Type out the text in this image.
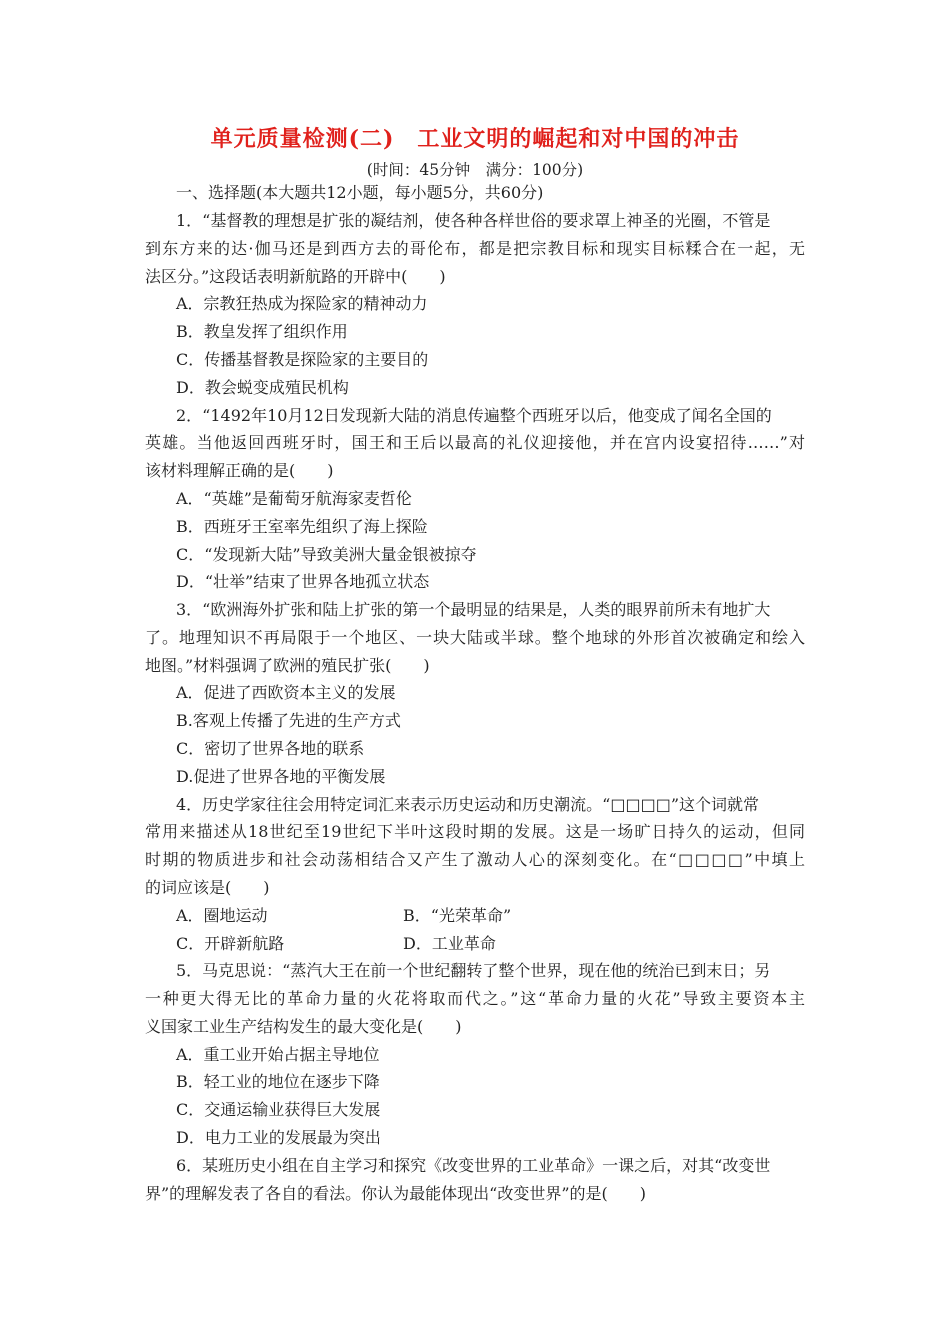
单元质量检测(二)　工业文明的崛起和对中国的冲击
(时间：45分钟　满分：100分)
一、选择题(本大题共12小题，每小题5分，共60分)
1．“基督教的理想是扩张的凝结剂，使各种各样世俗的要求罩上神圣的光圈，不管是
到东方来的达·伽马还是到西方去的哥伦布，都是把宗教目标和现实目标糅合在一起，无
法区分。”这段话表明新航路的开辟中(　　)
A．宗教狂热成为探险家的精神动力
B．教皇发挥了组织作用
C．传播基督教是探险家的主要目的
D．教会蜕变成殖民机构
2．“1492年10月12日发现新大陆的消息传遍整个西班牙以后，他变成了闻名全国的
英雄。当他返回西班牙时，国王和王后以最高的礼仪迎接他，并在宫内设宴招待……”对
该材料理解正确的是(　　)
A．“英雄”是葡萄牙航海家麦哲伦
B．西班牙王室率先组织了海上探险
C．“发现新大陆”导致美洲大量金银被掠夺
D．“壮举”结束了世界各地孤立状态
3．“欧洲海外扩张和陆上扩张的第一个最明显的结果是，人类的眼界前所未有地扩大
了。地理知识不再局限于一个地区、一块大陆或半球。整个地球的外形首次被确定和绘入
地图。”材料强调了欧洲的殖民扩张(　　)
A．促进了西欧资本主义的发展
B.客观上传播了先进的生产方式
C．密切了世界各地的联系
D.促进了世界各地的平衡发展
4．历史学家往往会用特定词汇来表示历史运动和历史潮流。“□□□□”这个词就常
常用来描述从18世纪至19世纪下半叶这段时期的发展。这是一场旷日持久的运动，但同
时期的物质进步和社会动荡相结合又产生了激动人心的深刻变化。在“□□□□”中填上
的词应该是(　　)
A．圈地运动	B．“光荣革命”
C．开辟新航路	D．工业革命
5．马克思说：“蒸汽大王在前一个世纪翻转了整个世界，现在他的统治已到末日；另
一种更大得无比的革命力量的火花将取而代之。”这“革命力量的火花”导致主要资本主
义国家工业生产结构发生的最大变化是(　　)
A．重工业开始占据主导地位
B．轻工业的地位在逐步下降
C．交通运输业获得巨大发展
D．电力工业的发展最为突出
6．某班历史小组在自主学习和探究《改变世界的工业革命》一课之后，对其“改变世
界”的理解发表了各自的看法。你认为最能体现出“改变世界”的是(　　)
